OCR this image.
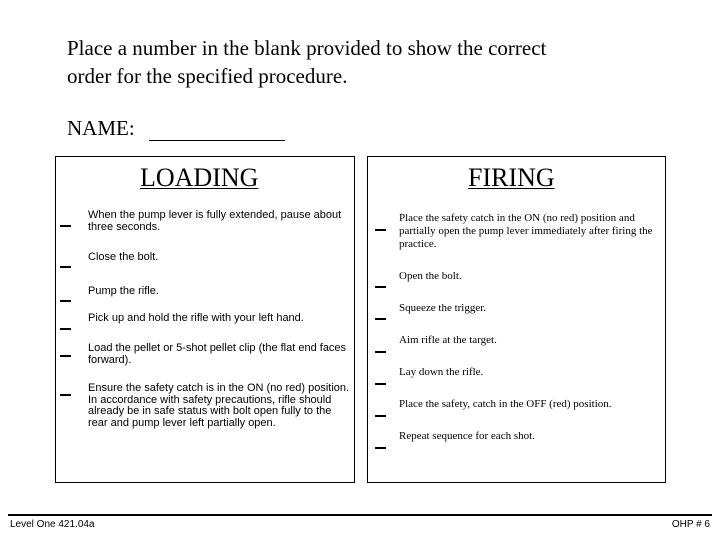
Place a number in the blank provided to show the correct
order for the specified procedure.
NAME:
LOADING
When the pump lever is fully extended, pause about three seconds.
Close the bolt.
Pump the rifle.
Pick up and hold the rifle with your left hand.
Load the pellet or 5-shot pellet clip (the flat end faces forward).
Ensure the safety catch is in the ON (no red) position. In accordance with safety precautions, rifle should already be in safe status with bolt open fully to the rear and pump lever left partially open.
FIRING
Place the safety catch in the ON (no red) position and partially open the pump lever immediately after firing the practice.
Open the bolt.
Squeeze the trigger.
Aim rifle at the target.
Lay down the rifle.
Place the safety, catch in the OFF (red) position.
Repeat sequence for each shot.
Level One 421.04a	OHP # 6
